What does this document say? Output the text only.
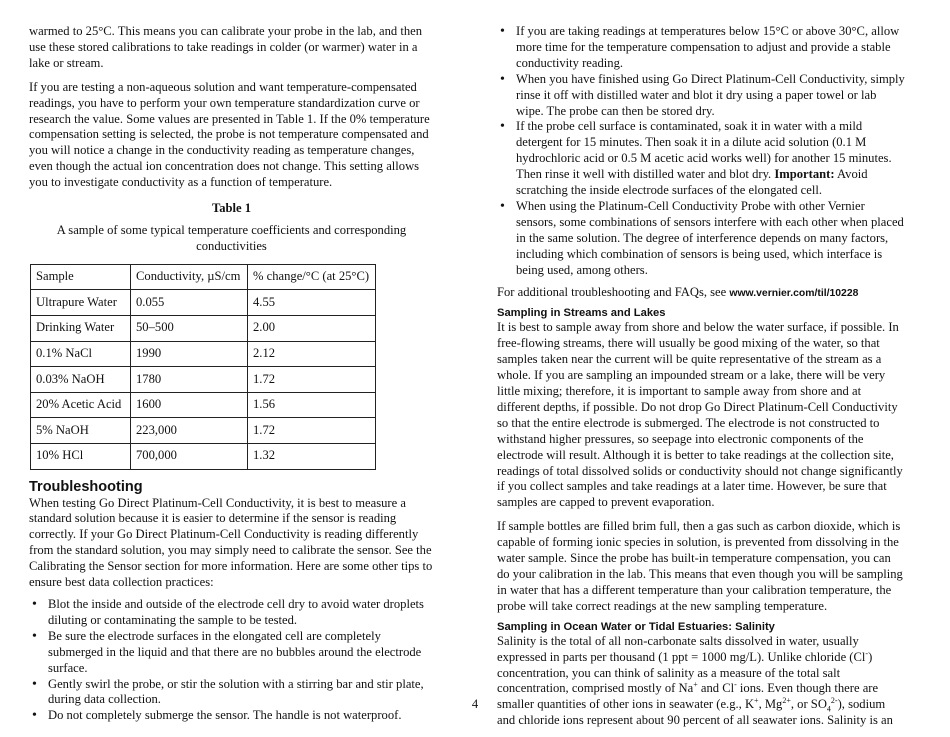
warmed to 25°C. This means you can calibrate your probe in the lab, and then use these stored calibrations to take readings in colder (or warmer) water in a lake or stream.

If you are testing a non-aqueous solution and want temperature-compensated readings, you have to perform your own temperature standardization curve or research the value. Some values are presented in Table 1. If the 0% temperature compensation setting is selected, the probe is not temperature compensated and you will notice a change in the conductivity reading as temperature changes, even though the actual ion concentration does not change. This setting allows you to investigate conductivity as a function of temperature.

Table 1
A sample of some typical temperature coefficients and corresponding conductivities
Sample	Conductivity, µS/cm	% change/°C (at 25°C)
Ultrapure Water	0.055	4.55
Drinking Water	50–500	2.00
0.1% NaCl	1990	2.12
0.03% NaOH	1780	1.72
20% Acetic Acid	1600	1.56
5% NaOH	223,000	1.72
10% HCl	700,000	1.32
Troubleshooting

When testing Go Direct Platinum-Cell Conductivity, it is best to measure a standard solution because it is easier to determine if the sensor is reading correctly. If your Go Direct Platinum-Cell Conductivity is reading differently from the standard solution, you may simply need to calibrate the sensor. See the Calibrating the Sensor section for more information. Here are some other tips to ensure best data collection practices:

• Blot the inside and outside of the electrode cell dry to avoid water droplets diluting or contaminating the sample to be tested.
• Be sure the electrode surfaces in the elongated cell are completely submerged in the liquid and that there are no bubbles around the electrode surface.
• Gently swirl the probe, or stir the solution with a stirring bar and stir plate, during data collection.
• Do not completely submerge the sensor. The handle is not waterproof.
• If you are taking readings at temperatures below 15°C or above 30°C, allow more time for the temperature compensation to adjust and provide a stable conductivity reading.
• When you have finished using Go Direct Platinum-Cell Conductivity, simply rinse it off with distilled water and blot it dry using a paper towel or lab wipe. The probe can then be stored dry.
• If the probe cell surface is contaminated, soak it in water with a mild detergent for 15 minutes. Then soak it in a dilute acid solution (0.1 M hydrochloric acid or 0.5 M acetic acid works well) for another 15 minutes. Then rinse it well with distilled water and blot dry. Important: Avoid scratching the inside electrode surfaces of the elongated cell.
• When using the Platinum-Cell Conductivity Probe with other Vernier sensors, some combinations of sensors interfere with each other when placed in the same solution. The degree of interference depends on many factors, including which combination of sensors is being used, which interface is being used, among others.

For additional troubleshooting and FAQs, see www.vernier.com/til/10228

Sampling in Streams and Lakes

It is best to sample away from shore and below the water surface, if possible. In free-flowing streams, there will usually be good mixing of the water, so that samples taken near the current will be quite representative of the stream as a whole. If you are sampling an impounded stream or a lake, there will be very little mixing; therefore, it is important to sample away from shore and at different depths, if possible. Do not drop Go Direct Platinum-Cell Conductivity so that the entire electrode is submerged. The electrode is not constructed to withstand higher pressures, so seepage into electronic components of the electrode will result. Although it is better to take readings at the collection site, readings of total dissolved solids or conductivity should not change significantly if you collect samples and take readings at a later time. However, be sure that samples are capped to prevent evaporation.

If sample bottles are filled brim full, then a gas such as carbon dioxide, which is capable of forming ionic species in solution, is prevented from dissolving in the water sample. Since the probe has built-in temperature compensation, you can do your calibration in the lab. This means that even though you will be sampling in water that has a different temperature than your calibration temperature, the probe will take correct readings at the new sampling temperature.

Sampling in Ocean Water or Tidal Estuaries: Salinity

Salinity is the total of all non-carbonate salts dissolved in water, usually expressed in parts per thousand (1 ppt = 1000 mg/L). Unlike chloride (Cl-) concentration, you can think of salinity as a measure of the total salt concentration, comprised mostly of Na+ and Cl- ions. Even though there are smaller quantities of other ions in seawater (e.g., K+, $Mg^{2+}$, or $SO_4^{2-}$), sodium and chloride ions represent about 90 percent of all seawater ions. Salinity is an

4
